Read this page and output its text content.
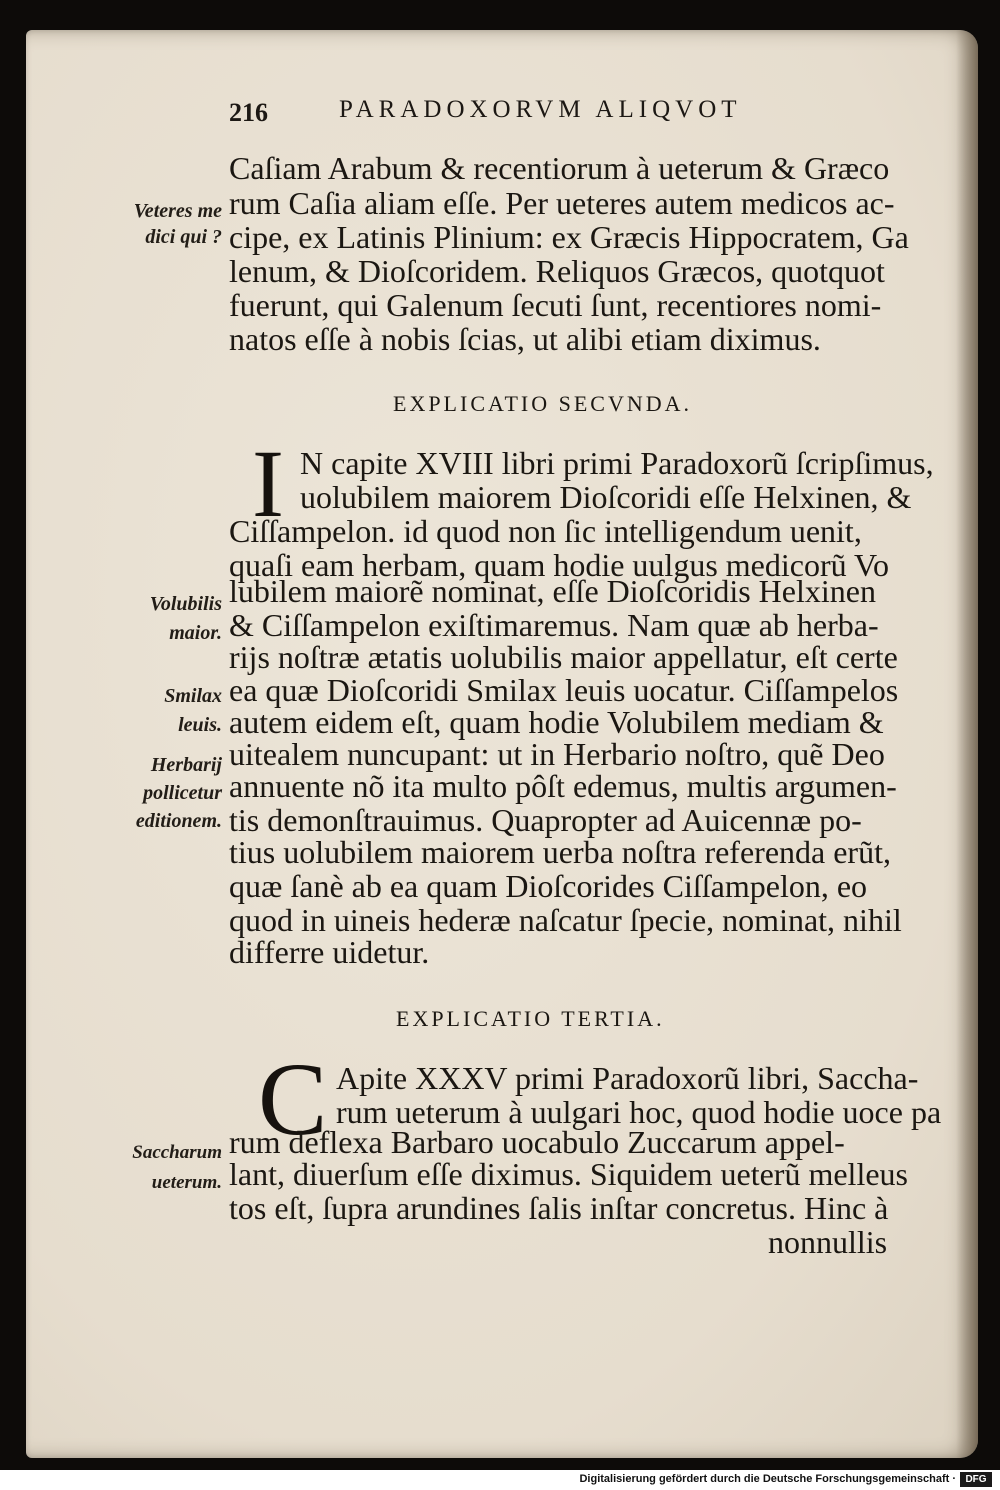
216	PARADOXORVM ALIQVOT
Caſiam Arabum & recentiorum à ueterum & Græco
rum Caſia aliam eſſe. Per ueteres autem medicos ac-
cipe, ex Latinis Plinium: ex Græcis Hippocratem, Ga
lenum, & Dioſcoridem. Reliquos Græcos, quotquot
fuerunt, qui Galenum ſecuti ſunt, recentiores nomi-
natos eſſe à nobis ſcias, ut alibi etiam diximus.
Veteres me
dici qui ?
EXPLICATIO SECVNDA.
I N capite XVIII libri primi Paradoxorũ ſcripſimus,
uolubilem maiorem Dioſcoridi eſſe Helxinen, &
Ciſſampelon. id quod non ſic intelligendum uenit,
quaſi eam herbam, quam hodie uulgus medicorũ Vo
lubilem maiorẽ nominat, eſſe Dioſcoridis Helxinen
& Ciſſampelon exiſtimaremus. Nam quæ ab herba-
rijs noſtræ ætatis uolubilis maior appellatur, eſt certe
ea quæ Dioſcoridi Smilax leuis uocatur. Ciſſampelos
autem eidem eſt, quam hodie Volubilem mediam &
uitealem nuncupant: ut in Herbario noſtro, quẽ Deo
annuente nõ ita multo pôſt edemus, multis argumen-
tis demonſtrauimus. Quapropter ad Auicennæ po-
tius uolubilem maiorem uerba noſtra referenda erũt,
quæ ſanè ab ea quam Dioſcorides Ciſſampelon, eo
quod in uineis hederæ naſcatur ſpecie, nominat, nihil
differre uidetur.
Volubilis
maior.
Smilax
leuis.
Herbarij
pollicetur
editionem.
EXPLICATIO TERTIA.
C Apite XXXV primi Paradoxorũ libri, Saccha-
rum ueterum à uulgari hoc, quod hodie uoce pa
rum deflexa Barbaro uocabulo Zuccarum appel-
lant, diuerſum eſſe diximus. Siquidem ueterũ melleus
tos eſt, ſupra arundines ſalis inſtar concretus. Hinc à
nonnullis
Saccharum
ueterum.
Digitalisierung gefördert durch die Deutsche Forschungsgemeinschaft · DFG
